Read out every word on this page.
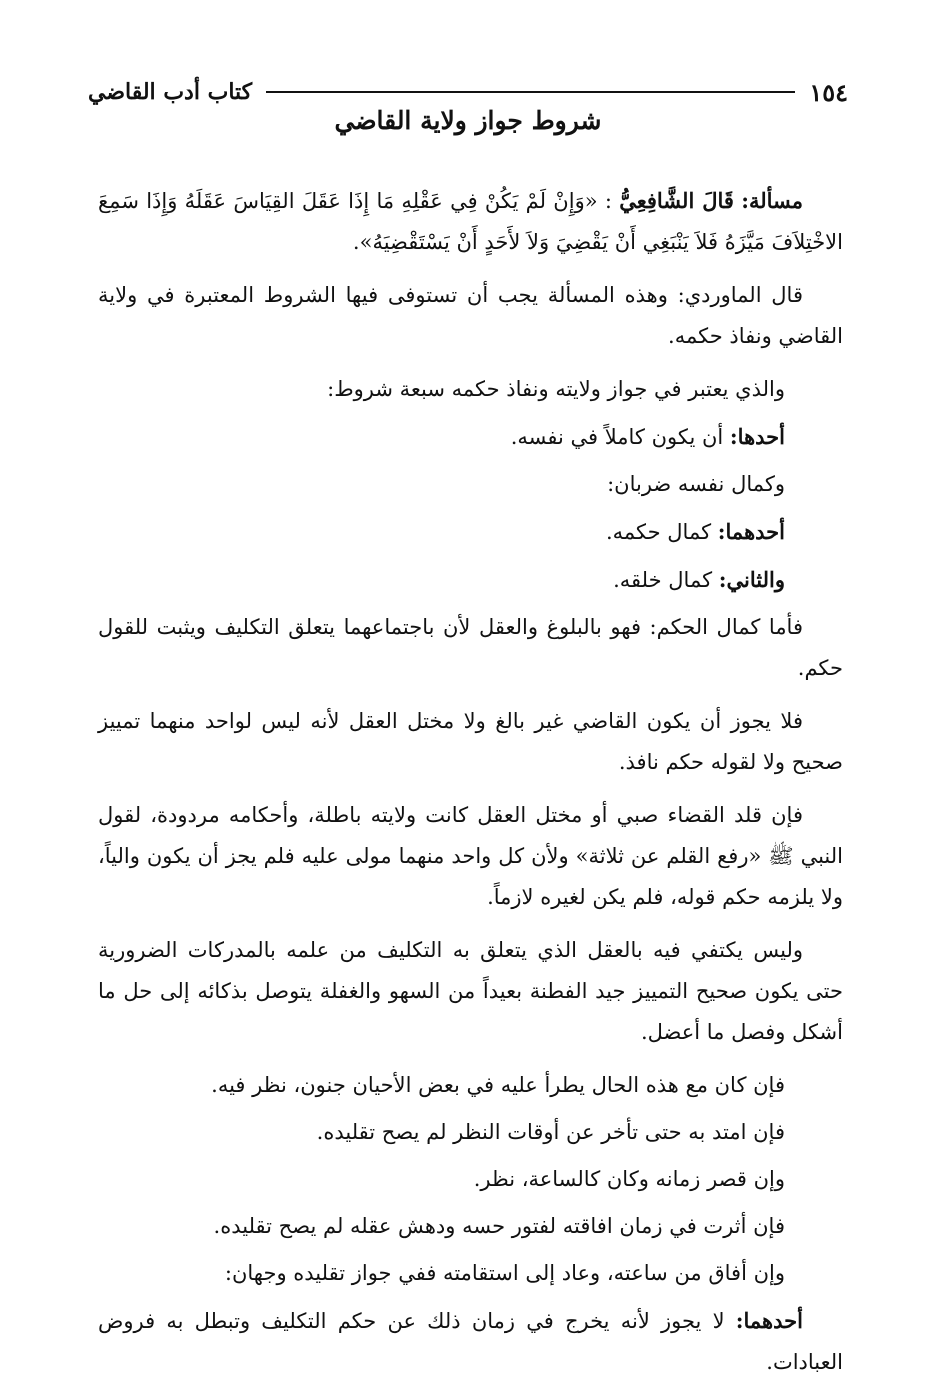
١٥٤
كتاب أدب القاضي
شروط جواز ولاية القاضي

مسألة: قَالَ الشَّافِعِيُّ : «وَإِنْ لَمْ يَكُنْ فِي عَقْلِهِ مَا إِذَا عَقَلَ القِيَاسَ عَقَلَهُ وَإِذَا سَمِعَ الاخْتِلاَفَ مَيَّزَهُ فَلاَ يَنْبَغِي أَنْ يَقْضِيَ وَلاَ لأَحَدٍ أَنْ يَسْتَقْضِيَهُ».

قال الماوردي: وهذه المسألة يجب أن تستوفى فيها الشروط المعتبرة في ولاية القاضي ونفاذ حكمه.

والذي يعتبر في جواز ولايته ونفاذ حكمه سبعة شروط:

أحدها: أن يكون كاملاً في نفسه.

وكمال نفسه ضربان:

أحدهما: كمال حكمه.

والثاني: كمال خلقه.

فأما كمال الحكم: فهو بالبلوغ والعقل لأن باجتماعهما يتعلق التكليف ويثبت للقول حكم.

فلا يجوز أن يكون القاضي غير بالغ ولا مختل العقل لأنه ليس لواحد منهما تمييز صحيح ولا لقوله حكم نافذ.

فإن قلد القضاء صبي أو مختل العقل كانت ولايته باطلة، وأحكامه مردودة، لقول النبي ﷺ «رفع القلم عن ثلاثة» ولأن كل واحد منهما مولى عليه فلم يجز أن يكون والياً، ولا يلزمه حكم قوله، فلم يكن لغيره لازماً.

وليس يكتفي فيه بالعقل الذي يتعلق به التكليف من علمه بالمدركات الضرورية حتى يكون صحيح التمييز جيد الفطنة بعيداً من السهو والغفلة يتوصل بذكائه إلى حل ما أشكل وفصل ما أعضل.

فإن كان مع هذه الحال يطرأ عليه في بعض الأحيان جنون، نظر فيه.

فإن امتد به حتى تأخر عن أوقات النظر لم يصح تقليده.

وإن قصر زمانه وكان كالساعة، نظر.

فإن أثرت في زمان افاقته لفتور حسه ودهش عقله لم يصح تقليده.

وإن أفاق من ساعته، وعاد إلى استقامته ففي جواز تقليده وجهان:

أحدهما: لا يجوز لأنه يخرج في زمان ذلك عن حكم التكليف وتبطل به فروض العبادات.
